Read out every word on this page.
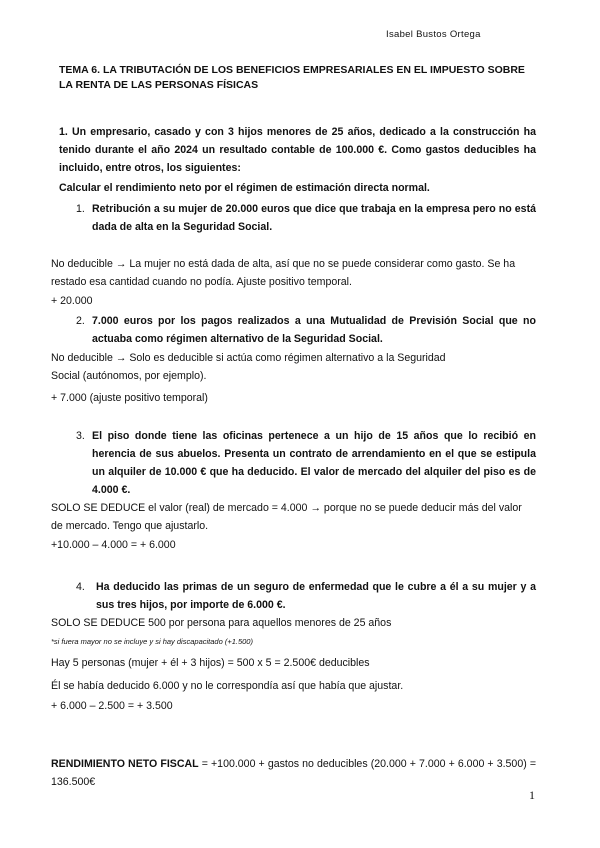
Isabel Bustos Ortega
TEMA 6. LA TRIBUTACIÓN DE LOS BENEFICIOS EMPRESARIALES EN EL IMPUESTO SOBRE LA RENTA DE LAS PERSONAS FÍSICAS
1. Un empresario, casado y con 3 hijos menores de 25 años, dedicado a la construcción ha tenido durante el año 2024 un resultado contable de 100.000 €. Como gastos deducibles ha incluido, entre otros, los siguientes:
Calcular el rendimiento neto por el régimen de estimación directa normal.
1. Retribución a su mujer de 20.000 euros que dice que trabaja en la empresa pero no está dada de alta en la Seguridad Social.
No deducible → La mujer no está dada de alta, así que no se puede considerar como gasto. Se ha restado esa cantidad cuando no podía. Ajuste positivo temporal.
+ 20.000
2. 7.000 euros por los pagos realizados a una Mutualidad de Previsión Social que no actuaba como régimen alternativo de la Seguridad Social.
No deducible → Solo es deducible si actúa como régimen alternativo a la Seguridad Social (autónomos, por ejemplo).
+ 7.000 (ajuste positivo temporal)
3. El piso donde tiene las oficinas pertenece a un hijo de 15 años que lo recibió en herencia de sus abuelos. Presenta un contrato de arrendamiento en el que se estipula un alquiler de 10.000 € que ha deducido. El valor de mercado del alquiler del piso es de 4.000 €.
SOLO SE DEDUCE el valor (real) de mercado = 4.000 → porque no se puede deducir más del valor de mercado. Tengo que ajustarlo.
+10.000 – 4.000 = + 6.000
4. Ha deducido las primas de un seguro de enfermedad que le cubre a él a su mujer y a sus tres hijos, por importe de 6.000 €.
SOLO SE DEDUCE 500 por persona para aquellos menores de 25 años
*si fuera mayor no se incluye y si hay discapacitado (+1.500)
Hay 5 personas (mujer + él + 3 hijos) = 500 x 5 = 2.500€ deducibles
Él se había deducido 6.000 y no le correspondía así que había que ajustar.
+ 6.000 – 2.500 = + 3.500
RENDIMIENTO NETO FISCAL = +100.000 + gastos no deducibles (20.000 + 7.000 + 6.000 + 3.500) = 136.500€
1
